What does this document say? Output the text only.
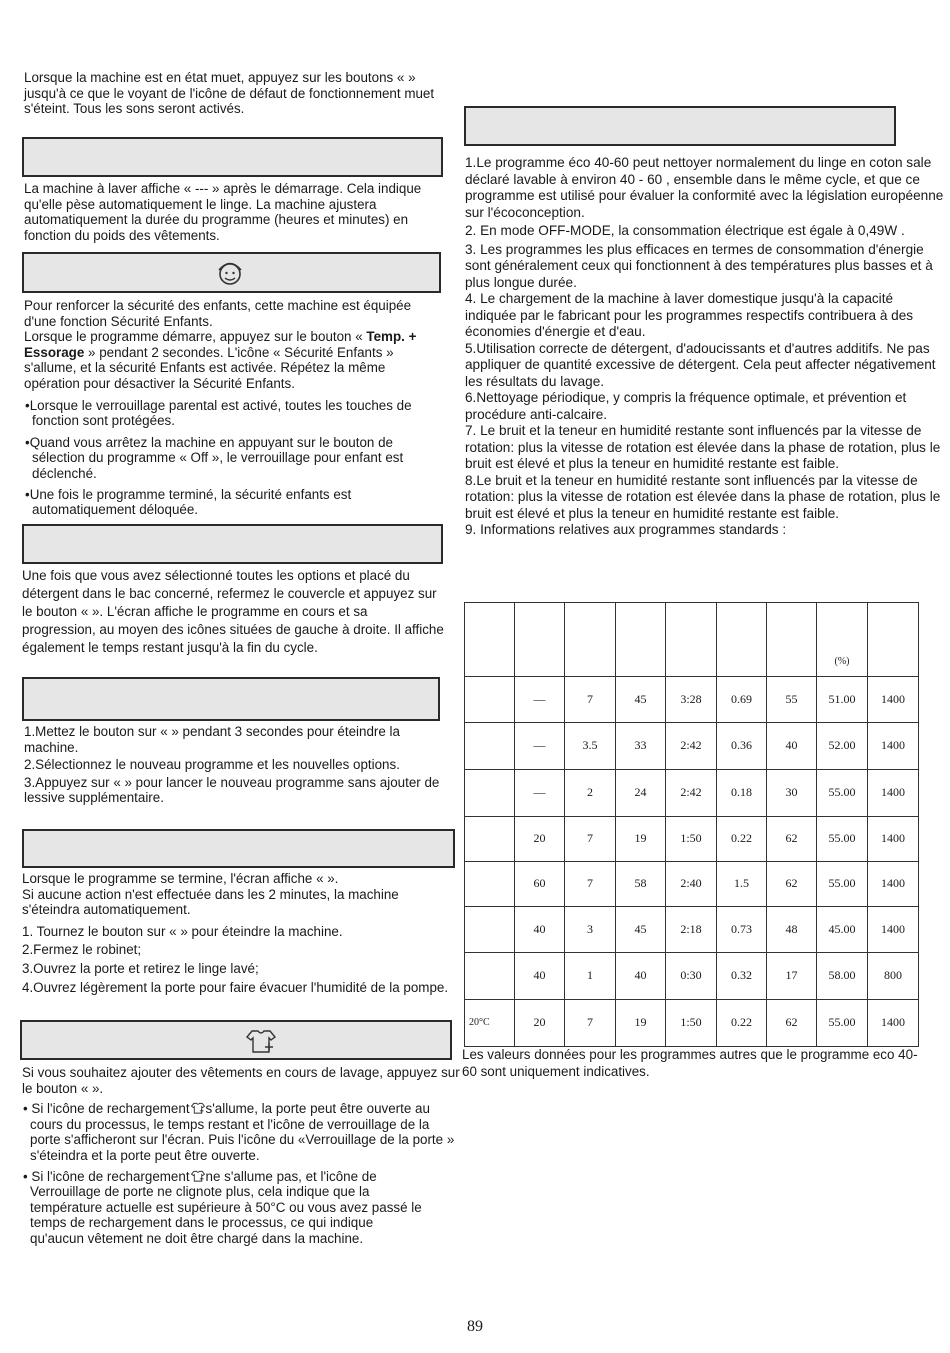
Lorsque la machine est en état muet, appuyez sur les boutons « » jusqu'à ce que le voyant de l'icône de défaut de fonctionnement muet s'éteint. Tous les sons seront activés.

La machine à laver affiche « --- » après le démarrage. Cela indique qu'elle pèse automatiquement le linge. La machine ajustera automatiquement la durée du programme (heures et minutes) en fonction du poids des vêtements.

Pour renforcer la sécurité des enfants, cette machine est équipée d'une fonction Sécurité Enfants.
Lorsque le programme démarre, appuyez sur le bouton « Temp. + Essorage » pendant 2 secondes. L'icône « Sécurité Enfants » s'allume, et la sécurité Enfants est activée. Répétez la même opération pour désactiver la Sécurité Enfants.
•Lorsque le verrouillage parental est activé, toutes les touches de fonction sont protégées.
•Quand vous arrêtez la machine en appuyant sur le bouton de sélection du programme « Off », le verrouillage pour enfant est déclenché.
•Une fois le programme terminé, la sécurité enfants est automatiquement déloquée.

Une fois que vous avez sélectionné toutes les options et placé du détergent dans le bac concerné, refermez le couvercle et appuyez sur le bouton « ». L'écran affiche le programme en cours et sa progression, au moyen des icônes situées de gauche à droite. Il affiche également le temps restant jusqu'à la fin du cycle.

1.Mettez le bouton sur « » pendant 3 secondes pour éteindre la machine.
2.Sélectionnez le nouveau programme et les nouvelles options.
3.Appuyez sur « » pour lancer le nouveau programme sans ajouter de lessive supplémentaire.
Lorsque le programme se termine, l'écran affiche « ».
Si aucune action n'est effectuée dans les 2 minutes, la machine s'éteindra automatiquement.
1. Tournez le bouton sur « » pour éteindre la machine.
2.Fermez le robinet;
3.Ouvrez la porte et retirez le linge lavé;
4.Ouvrez légèrement la porte pour faire évacuer l'humidité de la pompe.
Si vous souhaitez ajouter des vêtements en cours de lavage, appuyez sur le bouton « ».
• Si l'icône de rechargement s'allume, la porte peut être ouverte au cours du processus, le temps restant et l'icône de verrouillage de la porte s'afficheront sur l'écran. Puis l'icône du «Verrouillage de la porte » s'éteindra et la porte peut être ouverte.
• Si l'icône de rechargement ne s'allume pas, et l'icône de Verrouillage de porte ne clignote plus, cela indique que la température actuelle est supérieure à 50°C ou vous avez passé le temps de rechargement dans le processus, ce qui indique qu'aucun vêtement ne doit être chargé dans la machine.

1.Le programme éco 40-60 peut nettoyer normalement du linge en coton sale déclaré lavable à environ 40 - 60 , ensemble dans le même cycle, et que ce programme est utilisé pour évaluer la conformité avec la législation européenne sur l'écoconception.

2. En mode OFF-MODE, la consommation électrique est égale à 0,49W .

3. Les programmes les plus efficaces en termes de consommation d'énergie sont généralement ceux qui fonctionnent à des températures plus basses et à plus longue durée.

4. Le chargement de la machine à laver domestique jusqu'à la capacité indiquée par le fabricant pour les programmes respectifs contribuera à des économies d'énergie et d'eau.

5.Utilisation correcte de détergent, d'adoucissants et d'autres additifs. Ne pas appliquer de quantité excessive de détergent. Cela peut affecter négativement les résultats du lavage.

6.Nettoyage périodique, y compris la fréquence optimale, et prévention et procédure anti-calcaire.

7. Le bruit et la teneur en humidité restante sont influencés par la vitesse de rotation: plus la vitesse de rotation est élevée dans la phase de rotation, plus le bruit est élevé et plus la teneur en humidité restante est faible.

8.Le bruit et la teneur en humidité restante sont influencés par la vitesse de rotation: plus la vitesse de rotation est élevée dans la phase de rotation, plus le bruit est élevé et plus la teneur en humidité restante est faible.

9. Informations relatives aux programmes standards :

							(%)	
	—	7	45	3:28	0.69	55	51.00	1400
	—	3.5	33	2:42	0.36	40	52.00	1400
	—	2	24	2:42	0.18	30	55.00	1400
	20	7	19	1:50	0.22	62	55.00	1400
	60	7	58	2:40	1.5	62	55.00	1400
	40	3	45	2:18	0.73	48	45.00	1400
	40	1	40	0:30	0.32	17	58.00	800
20°C	20	7	19	1:50	0.22	62	55.00	1400

Les valeurs données pour les programmes autres que le programme eco 40-60 sont uniquement indicatives.

89
